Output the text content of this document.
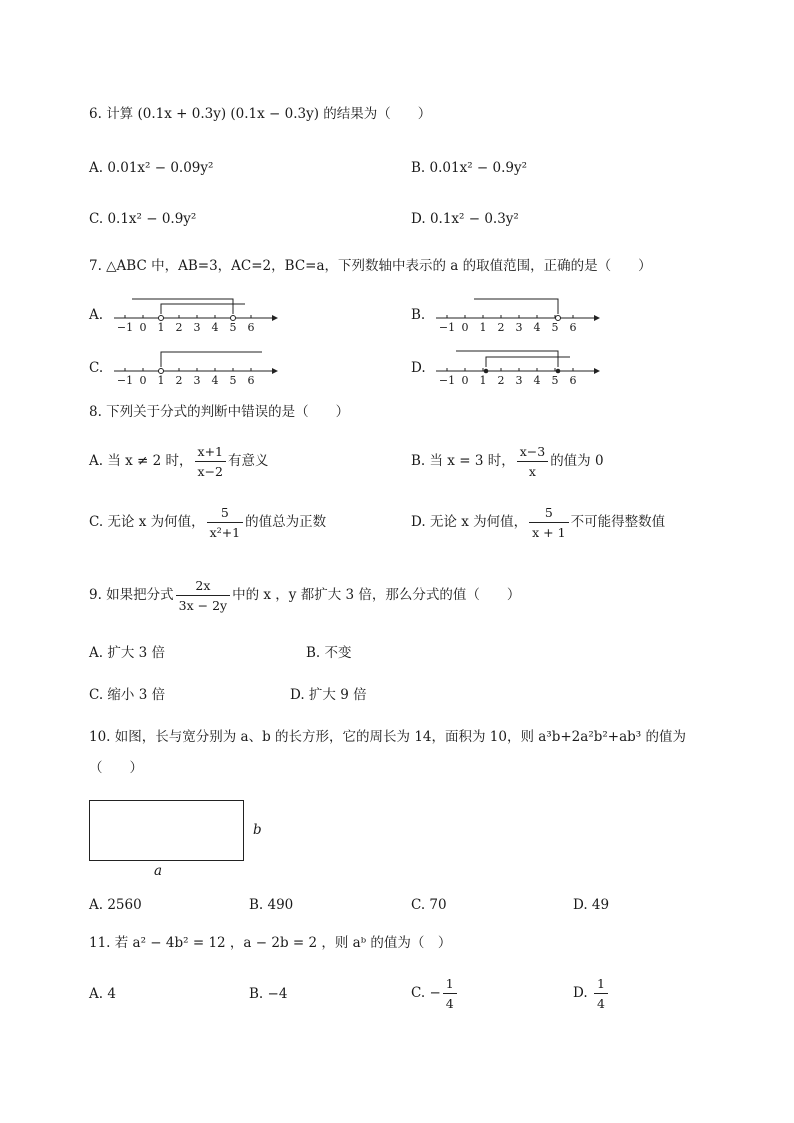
6. 计算 (0.1x + 0.3y) (0.1x − 0.3y) 的结果为（　　）
A. 0.01x² − 0.09y²	B. 0.01x² − 0.9y²
C. 0.1x² − 0.9y²	D. 0.1x² − 0.3y²
7. △ABC 中，AB=3，AC=2，BC=a，下列数轴中表示的 a 的取值范围，正确的是（　　）
A.
−1 0 1 2 3 4 5 6
B.
−1 0 1 2 3 4 5 6
C.
−1 0 1 2 3 4 5 6
D.
−1 0 1 2 3 4 5 6
8. 下列关于分式的判断中错误的是（　　）
A. 当 x ≠ 2 时， $\frac{x+1}{x-2}$ 有意义	B. 当 x = 3 时， $\frac{x-3}{x}$ 的值为 0
C. 无论 x 为何值， $\frac{5}{\text{x²+1}}$ 的值总为正数	D. 无论 x 为何值， $\frac{5}{x + 1}$ 不可能得整数值
9. 如果把分式 $\frac{2x}{3x - 2y}$ 中的 x ，y 都扩大 3 倍，那么分式的值（　　）
A. 扩大 3 倍	B. 不变
C. 缩小 3 倍	D. 扩大 9 倍
10. 如图，长与宽分别为 a、b 的长方形，它的周长为 14，面积为 10，则 a³b+2a²b²+ab³ 的值为
（　　）
b
a
A. 2560	B. 490	C. 70	D. 49
11. 若 a² − 4b² = 12 ，a − 2b = 2 ，则 aᵇ 的值为（　）
A. 4	B. −4	C. − $\frac{1}{4}$	D. $\frac{1}{4}$
